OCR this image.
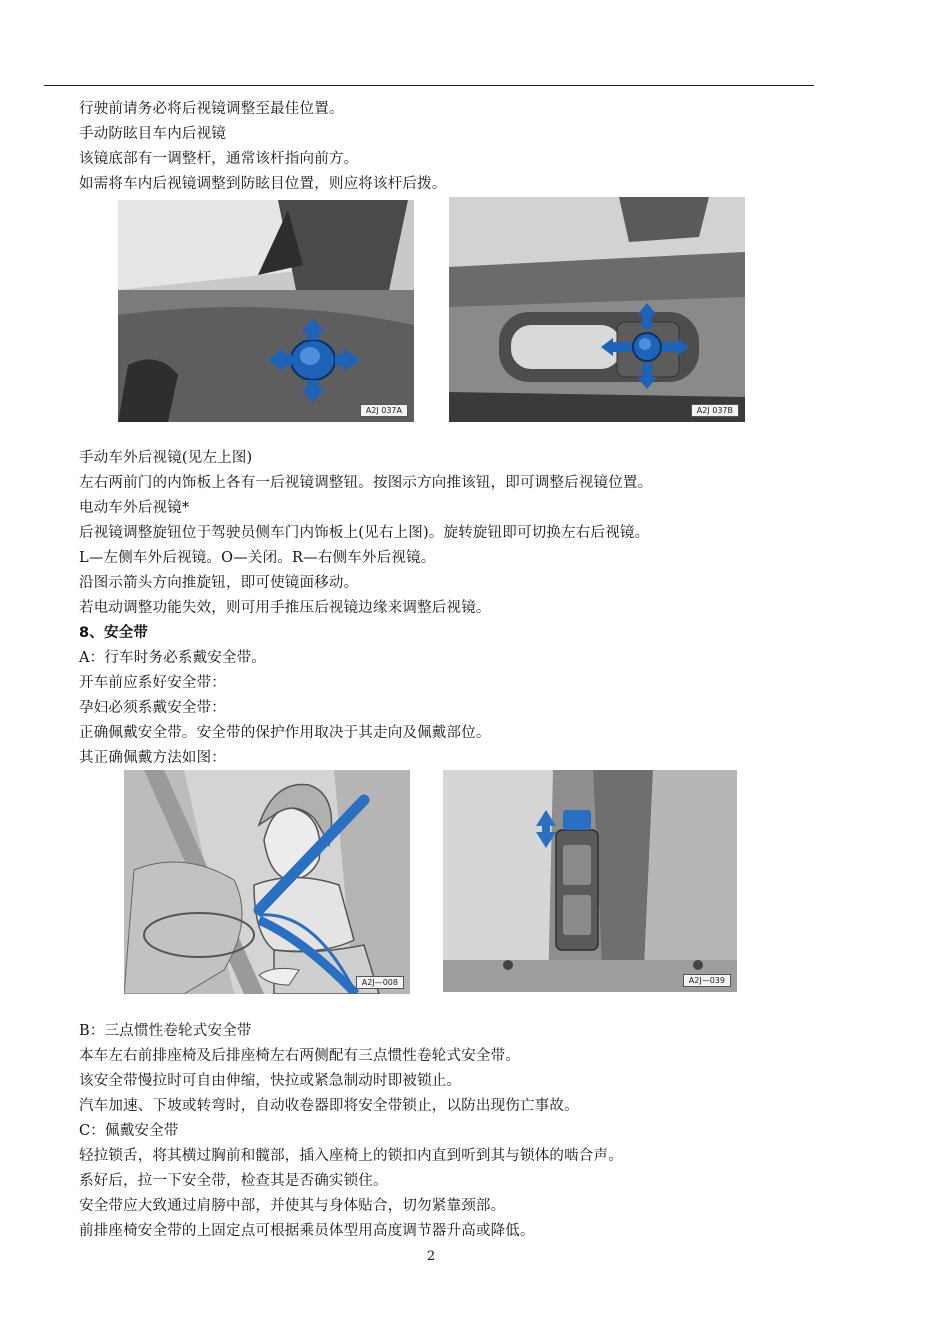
行驶前请务必将后视镜调整至最佳位置。
手动防眩目车内后视镜
该镜底部有一调整杆，通常该杆指向前方。
如需将车内后视镜调整到防眩目位置，则应将该杆后拨。
A2J 037A	A2J 037B
手动车外后视镜(见左上图)
左右两前门的内饰板上各有一后视镜调整钮。按图示方向推该钮，即可调整后视镜位置。
电动车外后视镜*
后视镜调整旋钮位于驾驶员侧车门内饰板上(见右上图)。旋转旋钮即可切换左右后视镜。
L—左侧车外后视镜。O—关闭。R—右侧车外后视镜。
沿图示箭头方向推旋钮，即可使镜面移动。
若电动调整功能失效，则可用手推压后视镜边缘来调整后视镜。
8、安全带
A：行车时务必系戴安全带。
开车前应系好安全带：
孕妇必须系戴安全带：
正确佩戴安全带。安全带的保护作用取决于其走向及佩戴部位。
其正确佩戴方法如图：
A2J—008	A2J—039
B：三点惯性卷轮式安全带
本车左右前排座椅及后排座椅左右两侧配有三点惯性卷轮式安全带。
该安全带慢拉时可自由伸缩，快拉或紧急制动时即被锁止。
汽车加速、下坡或转弯时，自动收卷器即将安全带锁止，以防出现伤亡事故。
C：佩戴安全带
轻拉锁舌，将其横过胸前和髋部，插入座椅上的锁扣内直到听到其与锁体的啮合声。
系好后，拉一下安全带，检查其是否确实锁住。
安全带应大致通过肩膀中部，并使其与身体贴合，切勿紧靠颈部。
前排座椅安全带的上固定点可根据乘员体型用高度调节器升高或降低。
2
